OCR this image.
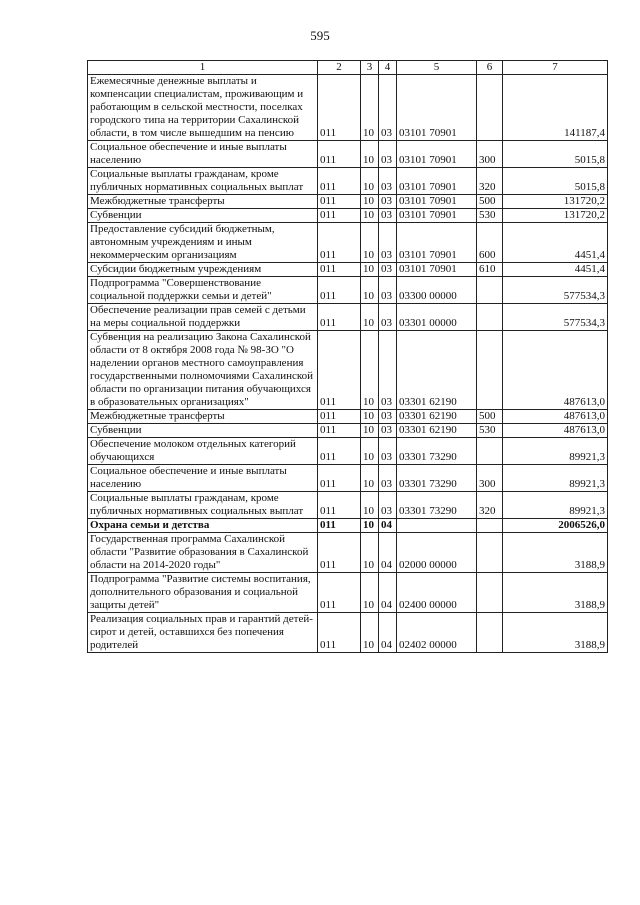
595
1	2	3	4	5	6	7
Ежемесячные денежные выплаты и компенсации специалистам, проживающим и работающим в сельской местности, поселках городского типа на территории Сахалинской области, в том числе вышедшим на пенсию	011	10	03	03101 70901		141187,4
Социальное обеспечение и иные выплаты населению	011	10	03	03101 70901	300	5015,8
Социальные выплаты гражданам, кроме публичных нормативных социальных выплат	011	10	03	03101 70901	320	5015,8
Межбюджетные трансферты	011	10	03	03101 70901	500	131720,2
Субвенции	011	10	03	03101 70901	530	131720,2
Предоставление субсидий бюджетным, автономным учреждениям и иным некоммерческим организациям	011	10	03	03101 70901	600	4451,4
Субсидии бюджетным учреждениям	011	10	03	03101 70901	610	4451,4
Подпрограмма "Совершенствование социальной поддержки семьи и детей"	011	10	03	03300 00000		577534,3
Обеспечение реализации прав семей с детьми на меры социальной поддержки	011	10	03	03301 00000		577534,3
Субвенция на реализацию Закона Сахалинской области от 8 октября 2008 года № 98-ЗО "О наделении органов местного самоуправления государственными полномочиями Сахалинской области по организации питания обучающихся в образовательных организациях"	011	10	03	03301 62190		487613,0
Межбюджетные трансферты	011	10	03	03301 62190	500	487613,0
Субвенции	011	10	03	03301 62190	530	487613,0
Обеспечение молоком отдельных категорий обучающихся	011	10	03	03301 73290		89921,3
Социальное обеспечение и иные выплаты населению	011	10	03	03301 73290	300	89921,3
Социальные выплаты гражданам, кроме публичных нормативных социальных выплат	011	10	03	03301 73290	320	89921,3
Охрана семьи и детства	011	10	04			2006526,0
Государственная программа Сахалинской области "Развитие образования в Сахалинской области на 2014-2020 годы"	011	10	04	02000 00000		3188,9
Подпрограмма "Развитие системы воспитания, дополнительного образования и социальной защиты детей"	011	10	04	02400 00000		3188,9
Реализация социальных прав и гарантий детей-сирот и детей, оставшихся без попечения родителей	011	10	04	02402 00000		3188,9
